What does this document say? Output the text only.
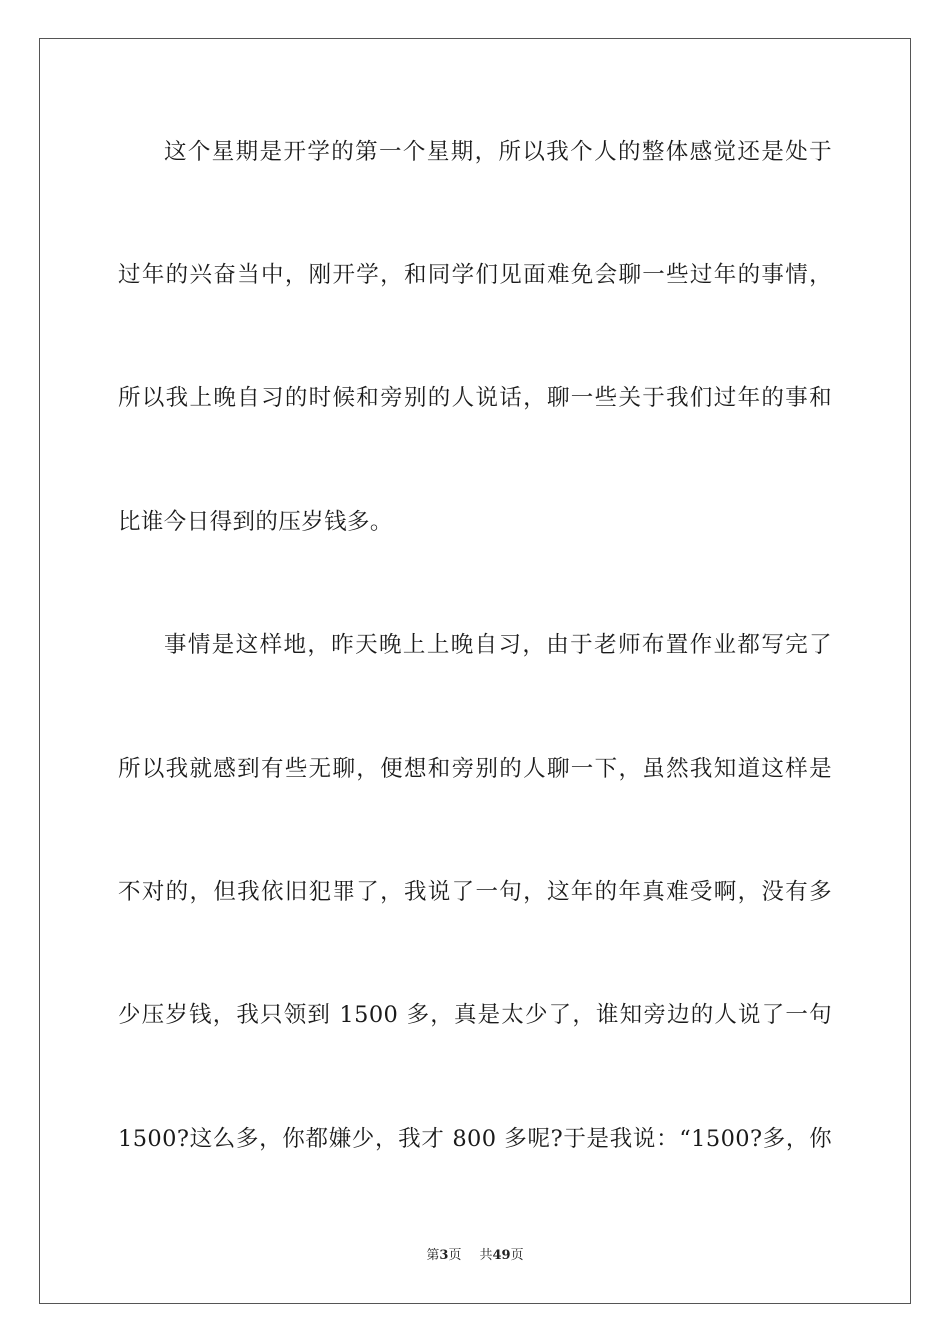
这个星期是开学的第一个星期，所以我个人的整体感觉还是处于
过年的兴奋当中，刚开学，和同学们见面难免会聊一些过年的事情，
所以我上晚自习的时候和旁别的人说话，聊一些关于我们过年的事和
比谁今日得到的压岁钱多。
事情是这样地，昨天晚上上晚自习，由于老师布置作业都写完了
所以我就感到有些无聊，便想和旁别的人聊一下，虽然我知道这样是
不对的，但我依旧犯罪了，我说了一句，这年的年真难受啊，没有多
少压岁钱，我只领到 1500 多，真是太少了，谁知旁边的人说了一句
1500?这么多，你都嫌少，我才 800 多呢?于是我说：“1500?多，你
第3页 共49页
